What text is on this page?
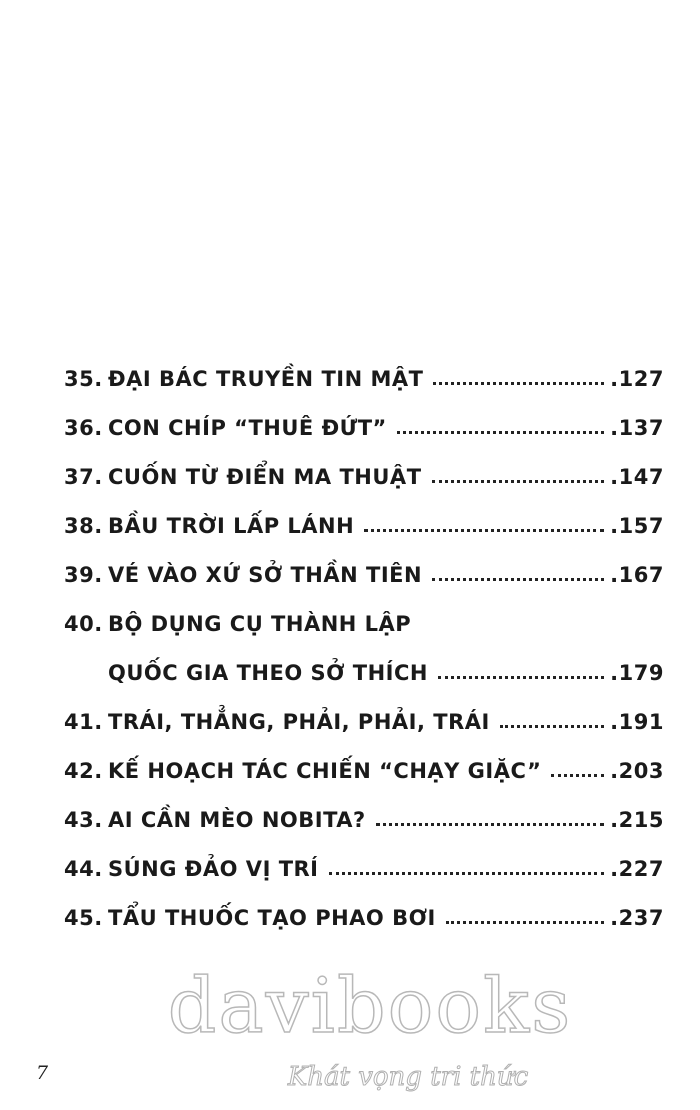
35. ĐẠI BÁC TRUYỀN TIN MẬT	.127
36. CON CHÍP “THUÊ ĐỨT”	.137
37. CUỐN TỪ ĐIỂN MA THUẬT	.147
38. BẦU TRỜI LẤP LÁNH	.157
39. VÉ VÀO XỨ SỞ THẦN TIÊN	.167
40. BỘ DỤNG CỤ THÀNH LẬP
QUỐC GIA THEO SỞ THÍCH	.179
41. TRÁI, THẲNG, PHẢI, PHẢI, TRÁI	.191
42. KẾ HOẠCH TÁC CHIẾN “CHẠY GIẶC”	.203
43. AI CẦN MÈO NOBITA?	.215
44. SÚNG ĐẢO VỊ TRÍ	.227
45. TẨU THUỐC TẠO PHAO BƠI	.237
davibooks
Khát vọng tri thức
7
